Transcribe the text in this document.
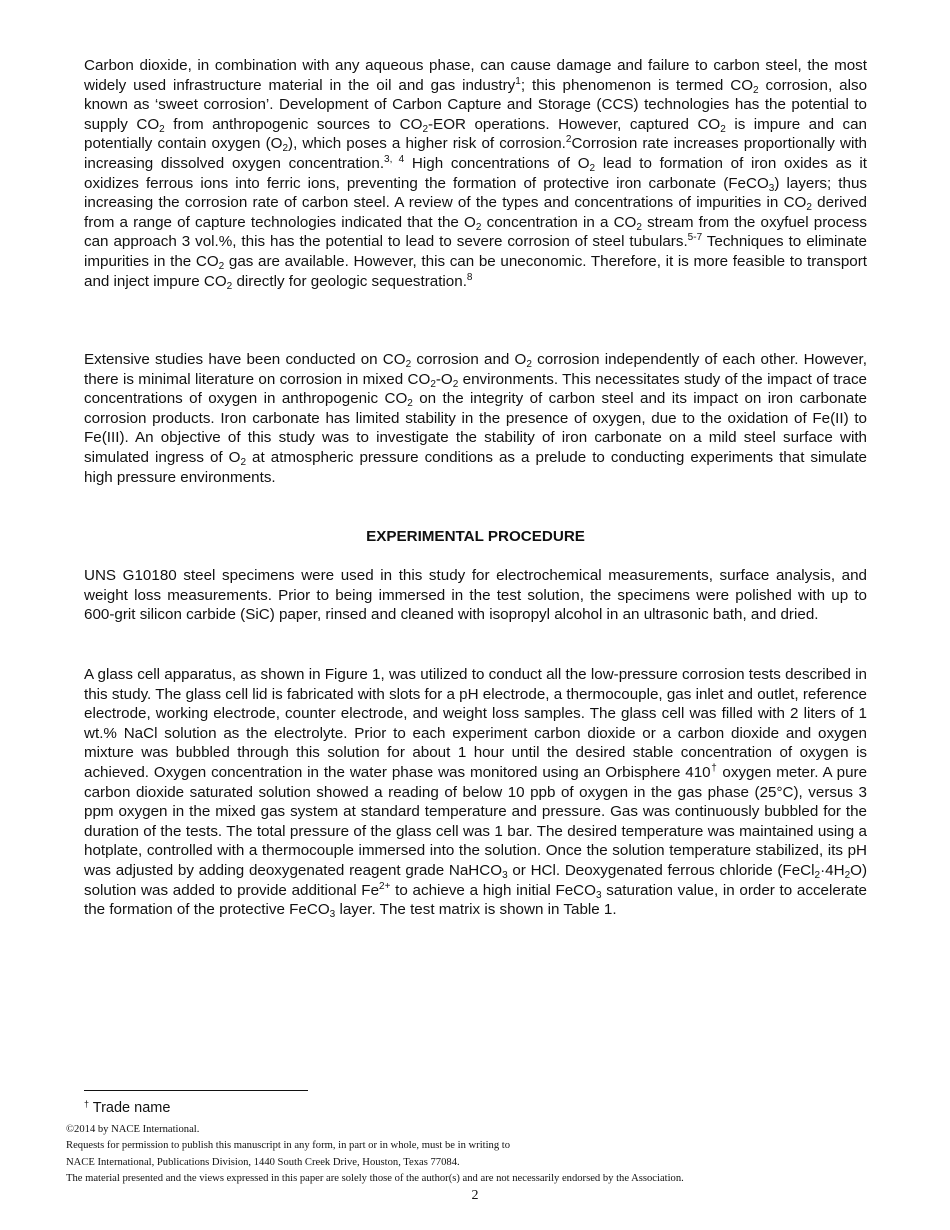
Carbon dioxide, in combination with any aqueous phase, can cause damage and failure to carbon steel, the most widely used infrastructure material in the oil and gas industry$^1$; this phenomenon is termed $CO_2$ corrosion, also known as ‘sweet corrosion’. Development of Carbon Capture and Storage (CCS) technologies has the potential to supply $CO_2$ from anthropogenic sources to $CO_2$-EOR operations. However, captured $CO_2$ is impure and can potentially contain oxygen $(O_2)$, which poses a higher risk of corrosion.$^2$Corrosion rate increases proportionally with increasing dissolved oxygen concentration.$^{3, 4}$ High concentrations of $O_2$ lead to formation of iron oxides as it oxidizes ferrous ions into ferric ions, preventing the formation of protective iron carbonate (FeCO$_3$) layers; thus increasing the corrosion rate of carbon steel. A review of the types and concentrations of impurities in $CO_2$ derived from a range of capture technologies indicated that the $O_2$ concentration in a $CO_2$ stream from the oxyfuel process can approach 3 vol.%, this has the potential to lead to severe corrosion of steel tubulars.$^{5-7}$ Techniques to eliminate impurities in the $CO_2$ gas are available. However, this can be uneconomic. Therefore, it is more feasible to transport and inject impure $CO_2$ directly for geologic sequestration.$^8$

Extensive studies have been conducted on $CO_2$ corrosion and $O_2$ corrosion independently of each other. However, there is minimal literature on corrosion in mixed $CO_2-O_2$ environments. This necessitates study of the impact of trace concentrations of oxygen in anthropogenic $CO_2$ on the integrity of carbon steel and its impact on iron carbonate corrosion products. Iron carbonate has limited stability in the presence of oxygen, due to the oxidation of Fe(II) to Fe(III). An objective of this study was to investigate the stability of iron carbonate on a mild steel surface with simulated ingress of $O_2$ at atmospheric pressure conditions as a prelude to conducting experiments that simulate high pressure environments.

EXPERIMENTAL PROCEDURE

UNS G10180 steel specimens were used in this study for electrochemical measurements, surface analysis, and weight loss measurements. Prior to being immersed in the test solution, the specimens were polished with up to 600-grit silicon carbide (SiC) paper, rinsed and cleaned with isopropyl alcohol in an ultrasonic bath, and dried.

A glass cell apparatus, as shown in Figure 1, was utilized to conduct all the low-pressure corrosion tests described in this study. The glass cell lid is fabricated with slots for a pH electrode, a thermocouple, gas inlet and outlet, reference electrode, working electrode, counter electrode, and weight loss samples. The glass cell was filled with 2 liters of 1 wt.% NaCl solution as the electrolyte. Prior to each experiment carbon dioxide or a carbon dioxide and oxygen mixture was bubbled through this solution for about 1 hour until the desired stable concentration of oxygen is achieved. Oxygen concentration in the water phase was monitored using an Orbisphere 410† oxygen meter. A pure carbon dioxide saturated solution showed a reading of below 10 ppb of oxygen in the gas phase (25°C), versus 3 ppm oxygen in the mixed gas system at standard temperature and pressure. Gas was continuously bubbled for the duration of the tests. The total pressure of the glass cell was 1 bar. The desired temperature was maintained using a hotplate, controlled with a thermocouple immersed into the solution. Once the solution temperature stabilized, its pH was adjusted by adding deoxygenated reagent grade NaHCO$_3$ or HCl. Deoxygenated ferrous chloride $(FeCl_2\cdot 4H_2O)$ solution was added to provide additional $Fe^{2+}$ to achieve a high initial FeCO$_3$ saturation value, in order to accelerate the formation of the protective FeCO$_3$ layer. The test matrix is shown in Table 1.

† Trade name

©2014 by NACE International.
Requests for permission to publish this manuscript in any form, in part or in whole, must be in writing to
NACE International, Publications Division, 1440 South Creek Drive, Houston, Texas 77084.
The material presented and the views expressed in this paper are solely those of the author(s) and are not necessarily endorsed by the Association.

2
